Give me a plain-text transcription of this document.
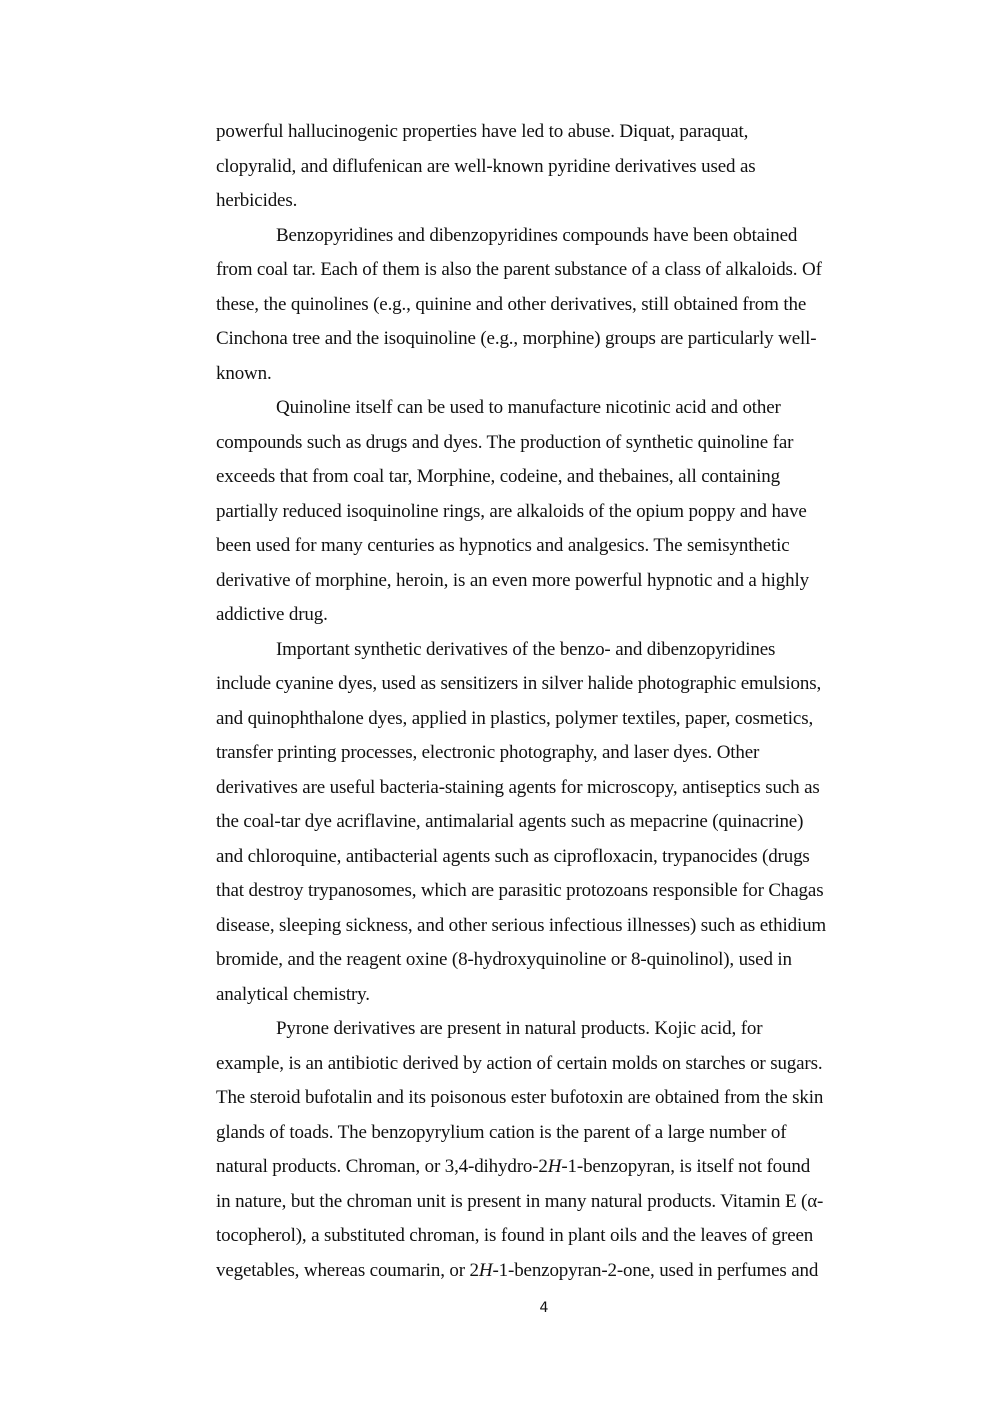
powerful hallucinogenic properties have led to abuse. Diquat, paraquat,
clopyralid, and diflufenican are well-known pyridine derivatives used as
herbicides.
Benzopyridines and dibenzopyridines compounds have been obtained
from coal tar. Each of them is also the parent substance of a class of alkaloids. Of
these, the quinolines (e.g., quinine and other derivatives, still obtained from the
Cinchona tree and the isoquinoline (e.g., morphine) groups are particularly well-
known.
Quinoline itself can be used to manufacture nicotinic acid and other
compounds such as drugs and dyes. The production of synthetic quinoline far
exceeds that from coal tar, Morphine, codeine, and thebaines, all containing
partially reduced isoquinoline rings, are alkaloids of the opium poppy and have
been used for many centuries as hypnotics and analgesics. The semisynthetic
derivative of morphine, heroin, is an even more powerful hypnotic and a highly
addictive drug.
Important synthetic derivatives of the benzo- and dibenzopyridines
include cyanine dyes, used as sensitizers in silver halide photographic emulsions,
and quinophthalone dyes, applied in plastics, polymer textiles, paper, cosmetics,
transfer printing processes, electronic photography, and laser dyes. Other
derivatives are useful bacteria-staining agents for microscopy, antiseptics such as
the coal-tar dye acriflavine, antimalarial agents such as mepacrine (quinacrine)
and chloroquine, antibacterial agents such as ciprofloxacin, trypanocides (drugs
that destroy trypanosomes, which are parasitic protozoans responsible for Chagas
disease, sleeping sickness, and other serious infectious illnesses) such as ethidium
bromide, and the reagent oxine (8-hydroxyquinoline or 8-quinolinol), used in
analytical chemistry.
Pyrone derivatives are present in natural products. Kojic acid, for
example, is an antibiotic derived by action of certain molds on starches or sugars.
The steroid bufotalin and its poisonous ester bufotoxin are obtained from the skin
glands of toads. The benzopyrylium cation is the parent of a large number of
natural products. Chroman, or 3,4-dihydro-2H-1-benzopyran, is itself not found
in nature, but the chroman unit is present in many natural products. Vitamin E (α-
tocopherol), a substituted chroman, is found in plant oils and the leaves of green
vegetables, whereas coumarin, or 2H-1-benzopyran-2-one, used in perfumes and
4
